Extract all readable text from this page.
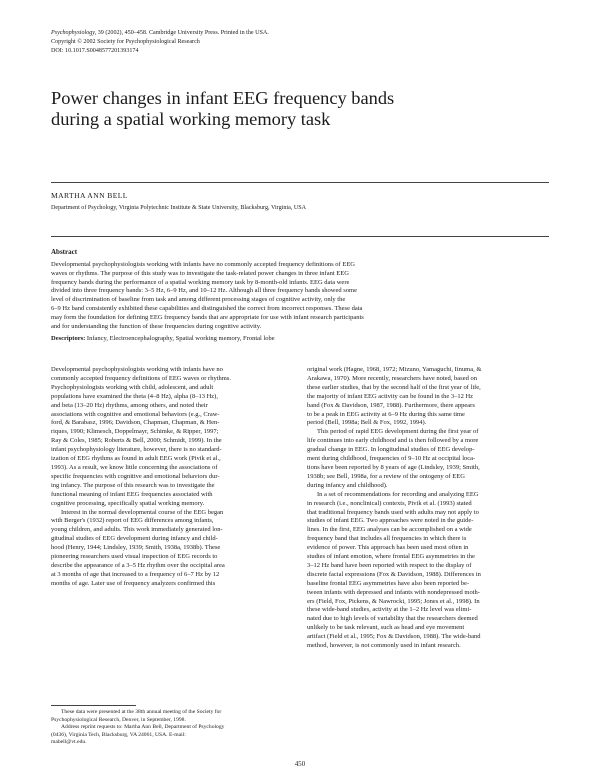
Psychophysiology, 39 (2002), 450–458. Cambridge University Press. Printed in the USA.
Copyright © 2002 Society for Psychophysiological Research
DOI: 10.1017.S0048577201393174
Power changes in infant EEG frequency bands
during a spatial working memory task
MARTHA ANN BELL
Department of Psychology, Virginia Polytechnic Institute & State University, Blacksburg, Virginia, USA
Abstract
Developmental psychophysiologists working with infants have no commonly accepted frequency definitions of EEG
waves or rhythms. The purpose of this study was to investigate the task-related power changes in three infant EEG
frequency bands during the performance of a spatial working memory task by 8-month-old infants. EEG data were
divided into three frequency bands: 3–5 Hz, 6–9 Hz, and 10–12 Hz. Although all three frequency bands showed some
level of discrimination of baseline from task and among different processing stages of cognitive activity, only the
6–9 Hz band consistently exhibited these capabilities and distinguished the correct from incorrect responses. These data
may form the foundation for defining EEG frequency bands that are appropriate for use with infant research participants
and for understanding the function of these frequencies during cognitive activity.
Descriptors: Infancy, Electroencephalography, Spatial working memory, Frontal lobe
Developmental psychophysiologists working with infants have no
commonly accepted frequency definitions of EEG waves or rhythms.
Psychophysiologists working with child, adolescent, and adult
populations have examined the theta (4–8 Hz), alpha (8–13 Hz),
and beta (13–20 Hz) rhythms, among others, and noted their
associations with cognitive and emotional behaviors (e.g., Craw-
ford, & Barabasz, 1996; Davidson, Chapman, Chapman, & Hen-
riques, 1990; Klimesch, Doppelmayr, Schimke, & Ripper, 1997;
Ray & Coles, 1985; Roberts & Bell, 2000; Schmidt, 1999). In the
infant psychophysiology literature, however, there is no standard-
ization of EEG rhythms as found in adult EEG work (Pivik et al.,
1993). As a result, we know little concerning the associations of
specific frequencies with cognitive and emotional behaviors dur-
ing infancy. The purpose of this research was to investigate the
functional meaning of infant EEG frequencies associated with
cognitive processing, specifically spatial working memory.
Interest in the normal developmental course of the EEG began
with Berger's (1932) report of EEG differences among infants,
young children, and adults. This work immediately generated lon-
gitudinal studies of EEG development during infancy and child-
hood (Henry, 1944; Lindsley, 1939; Smith, 1938a, 1938b). These
pioneering researchers used visual inspection of EEG records to
describe the appearance of a 3–5 Hz rhythm over the occipital area
at 3 months of age that increased to a frequency of 6–7 Hz by 12
months of age. Later use of frequency analyzers confirmed this
original work (Hagne, 1968, 1972; Mizuno, Yamaguchi, Iinuma, &
Arakawa, 1970). More recently, researchers have noted, based on
these earlier studies, that by the second half of the first year of life,
the majority of infant EEG activity can be found in the 3–12 Hz
band (Fox & Davidson, 1987, 1988). Furthermore, there appears
to be a peak in EEG activity at 6–9 Hz during this same time
period (Bell, 1998a; Bell & Fox, 1992, 1994).
This period of rapid EEG development during the first year of
life continues into early childhood and is then followed by a more
gradual change in EEG. In longitudinal studies of EEG develop-
ment during childhood, frequencies of 9–10 Hz at occipital loca-
tions have been reported by 8 years of age (Lindsley, 1939; Smith,
1938b; see Bell, 1998a, for a review of the ontogeny of EEG
during infancy and childhood).
In a set of recommendations for recording and analyzing EEG
in research (i.e., nonclinical) contexts, Pivik et al. (1993) stated
that traditional frequency bands used with adults may not apply to
studies of infant EEG. Two approaches were noted in the guide-
lines. In the first, EEG analyses can be accomplished on a wide
frequency band that includes all frequencies in which there is
evidence of power. This approach has been used most often in
studies of infant emotion, where frontal EEG asymmetries in the
3–12 Hz band have been reported with respect to the display of
discrete facial expressions (Fox & Davidson, 1988). Differences in
baseline frontal EEG asymmetries have also been reported be-
tween infants with depressed and infants with nondepressed moth-
ers (Field, Fox, Pickens, & Nawrocki, 1995; Jones et al., 1998). In
these wide-band studies, activity at the 1–2 Hz level was elimi-
nated due to high levels of variability that the researchers deemed
unlikely to be task relevant, such as head and eye movement
artifact (Field et al., 1995; Fox & Davidson, 1988). The wide-band
method, however, is not commonly used in infant research.
These data were presented at the 38th annual meeting of the Society for
Psychophysiological Research, Denver, in September, 1998.
Address reprint requests to: Martha Ann Bell, Department of Psychology
(0436), Virginia Tech, Blacksburg, VA 24061, USA. E-mail:
mabell@vt.edu.
450
